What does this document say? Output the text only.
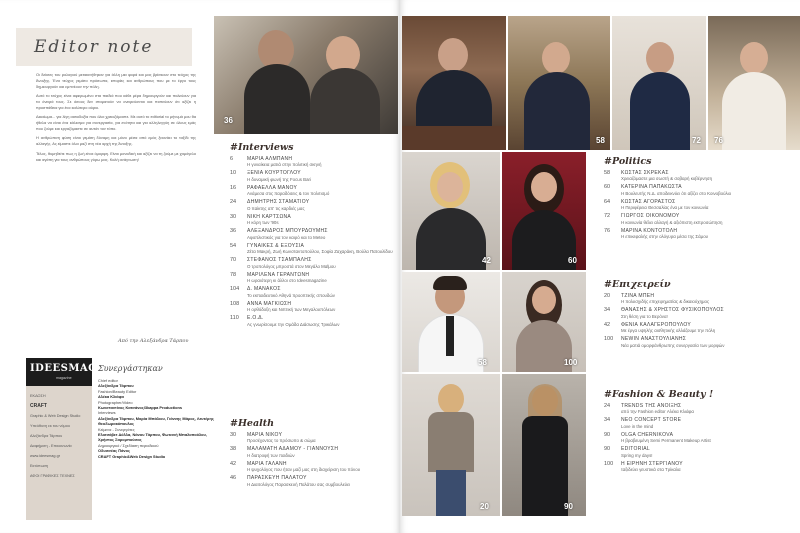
Editor note

Οι δείκτες του ρολογιού μετακινήθηκαν για άλλη μια φορά και μας βρίσκουν στο τεύχος της Άνοιξης. Ένα τεύχος γεμάτο πρόσωπα, ιστορίες και ανθρώπους που με το έργο τους δημιουργούν και εμπνέουν την πόλη.

Αυτό το τεύχος είναι αφιερωμένο στα παιδιά που κάθε μέρα δημιουργούν και παλεύουν για τα όνειρά τους. Σε όσους δεν σταματούν να ονειρεύονται και πιστεύουν ότι αξίζει η προσπάθεια για ένα καλύτερο αύριο.

Δικαίωμα... για λίγη αισιοδοξία που όλοι χρειαζόμαστε. Με αυτό το editorial το μήνυμά μου θα ήθελα να είναι ένα κάλεσμα για συνεργασία, για ενότητα και για αλληλεγγύη σε όλους εμάς που ζούμε και εργαζόμαστε σε αυτόν τον τόπο.

Η ανθρώπινη φύση είναι γεμάτη δύναμη και μόνο μέσα από εμάς ξεκινάει το ταξίδι της αλλαγής. Ας είμαστε όλοι μαζί στη νέα αρχή της Άνοιξης.

Τέλος, θυμηθείτε πως η ζωή είναι όμορφη. Είναι μοναδική και αξίζει να τη ζούμε με χαμόγελο και αγάπη για τους ανθρώπους γύρω μας. Καλή ανάγνωση!

Από την Αλεξάνδρα Τάρπου
IDEESMAG
magazine
ΕΚΔΟΣΗ
CRAFT
Graphic & Web Design Studio
Υπεύθυνη εκ του νόμου
Αλεξάνδρα Τάρπου
Διαφήμιση - Επικοινωνία
www.ideesmag.gr
Εκτύπωση
ΑΦΟΙ ΓΡΑΦΙΚΕΣ ΤΕΧΝΕΣ
Συνεργάστηκαν
Chief editor
Αλεξάνδρα Τάρπου
Fashion/Beauty Editor
Αλέκα Κλιάφα
Photographer/Video
Κωνσταντίνος Κατσάνος/3kappa Productions
Interviews
Αλεξάνδρα Τάρπου, Μαρία Μπάλιου, Γιάννης Μάρος, Λευτέρης Θεοδωρακόπουλος
Κείμενα - Συνεργάτες
Ελισσάβετ Δόλλα, Νάνου Τάρπου, Φωτεινή Μπαλοπούλου, Χρήστος Σαρομπούσας
Δημιουργικό / Σχεδίαση περιοδικού
Οδυσσέας Πάνος
CRAFT Graphic&Web Design Studio
36
58	72 76
42	60
58	100
20	90
#Interviews
6	ΜΑΡΙΑ ΑΛΜΠΑΝΗ
Η γυναίκεια ματιά στην πολιτική σκηνή
10	ΞΕΝΙΑ ΚΟΥΡΤΟΓΛΟΥ
Η δυναμική φωνή της Focus Bari
16	ΡΑΦΑΕΛΛΑ ΜΑΝΟΥ
Ανάμεσα στις παραδόσεις & τον πολιτισμό
24	ΔΗΜΗΤΡΗΣ ΣΤΑΜΑΤΙΟΥ
Ο παίκτης απ' τις καρδιές μας
30	ΝΙΚΗ ΚΑΡΤΣΩΝΑ
Η κόρη των '90s
36	ΑΛΕΞΑΝΔΡΟΣ ΜΠΟΥΡΔΟΥΜΗΣ
Αφοπλιστικός για τον καιρό και το Meteo
54	ΓΥΝΑΙΚΕΣ & ΕΞΟΥΣΙΑ
Ζέτα Μακρή, Ζωή Κωνσταντοπούλου, Σοφία Ζαχαράκη, Βούλα Πατουλίδου
70	ΣΤΕΦΑΝΟΣ ΤΣΑΜΠΑΛΗΣ
Ο τροπολόγος μπροστά στον Μεγάλο Μαΐμου
78	ΜΑΡΙΛΕΝΑ ΓΕΡΑΝΤΩΝΗ
Η ωραιότερη κι άλλοι στο Ideesmagazine
104	Δ. ΜΑΝΑΚΟΣ
Το εκπαιδευτικό Αθηνά προοπτικής σπουδών
108	ΑΝΝΑ ΜΑΓΚΙΩΣΗ
Η ορθόδοξη και Νιπτική των Μεγαλουπόλεων
110	Ε.Ο.Δ.
Ας γνωρίσουμε την Ομάδα Διάσωσης Τρικάλων
#Health
30	ΜΑΡΙΑ ΝΙΚΟΥ
Προσέχοντας το πρόσωπο & σώμα
38	ΜΑΛΑΜΑΤΗ ΑΔΑΜΟΥ - ΓΙΑΝΝΟΥΣΗ
Η διατροφή των παιδιών
42	ΜΑΡΙΑ ΓΑΛΑΝΗ
Η ψυχολόγος που ήταν μαζί μας στη διαχείριση του πόνου
46	ΠΑΡΑΣΚΕΥΗ ΠΑΛΑΤΟΥ
Η Διαιτολόγος Παρασκευή Παλάτου σας συμβουλεύει
#Politics
58	ΚΩΣΤΑΣ ΣΚΡΕΚΑΣ
Χρειαζόμαστε μια σωστή & σοβαρή κυβέρνηση
60	ΚΑΤΕΡΙΝΑ ΠΑΠΑΚΩΣΤΑ
Η Βουλευτής Ν.Δ. αποδεικνύει ότι αξίζει στο Κοινοβούλιο
64	ΚΩΣΤΑΣ ΑΓΟΡΑΣΤΟΣ
Η Περιφέρεια Θεσσαλίας ένα με τον κοινωνία
72	ΓΙΩΡΓΟΣ ΟΙΚΟΝΟΜΟΥ
Η κοινωνία θέλει αλλαγή & αξιόπιστη εκπροσώπηση
76	ΜΑΡΙΝΑ ΚΟΝΤΟΤΟΛΗ
Η επικεφαλής στην ολόγυρα μέσα της Σάμου
#Επιχειρείν
20	ΤΖΙΝΑ ΜΠΕΗ
Η πολυσχιδής επιχειρηματίας & δικαιούχημος
34	ΘΑΝΑΣΗΣ & ΧΡΗΣΤΟΣ ΦΥΣΙΚΟΠΟΥΛΟΣ
Στη θέση για το Βερόνα!
42	ΦΕΝΙΑ ΚΑΛΑΓΕΡΟΠΟΥΛΟΥ
Με έργα υψηλής αισθητικής αλλάζουμε την πόλη
100	NEWIN ΑΝΑΣΤΟΥΛΙΑΝΗΣ
Νέα ματιά ομορφάνθρωπης συνεργασία των μορφών
#Fashion & Beauty !
24	TRENDS ΤΗΣ ΑΝΟΙΞΗΣ
από την Fashion editor Αλέκα Κλιάφα
34	NEO CONCEPT STORE
Love in the mind
90	OLGA CHERNIKOVA
Η βραβευμένη Semi Permanent Makeup Artist
90	EDITORIAL
Spring my days!
100	Η ΕΙΡΗΝΗ ΣΤΕΡΓΙΑΝΟΥ
ταξιδεύει γευστικά στα Τρίκαλα
